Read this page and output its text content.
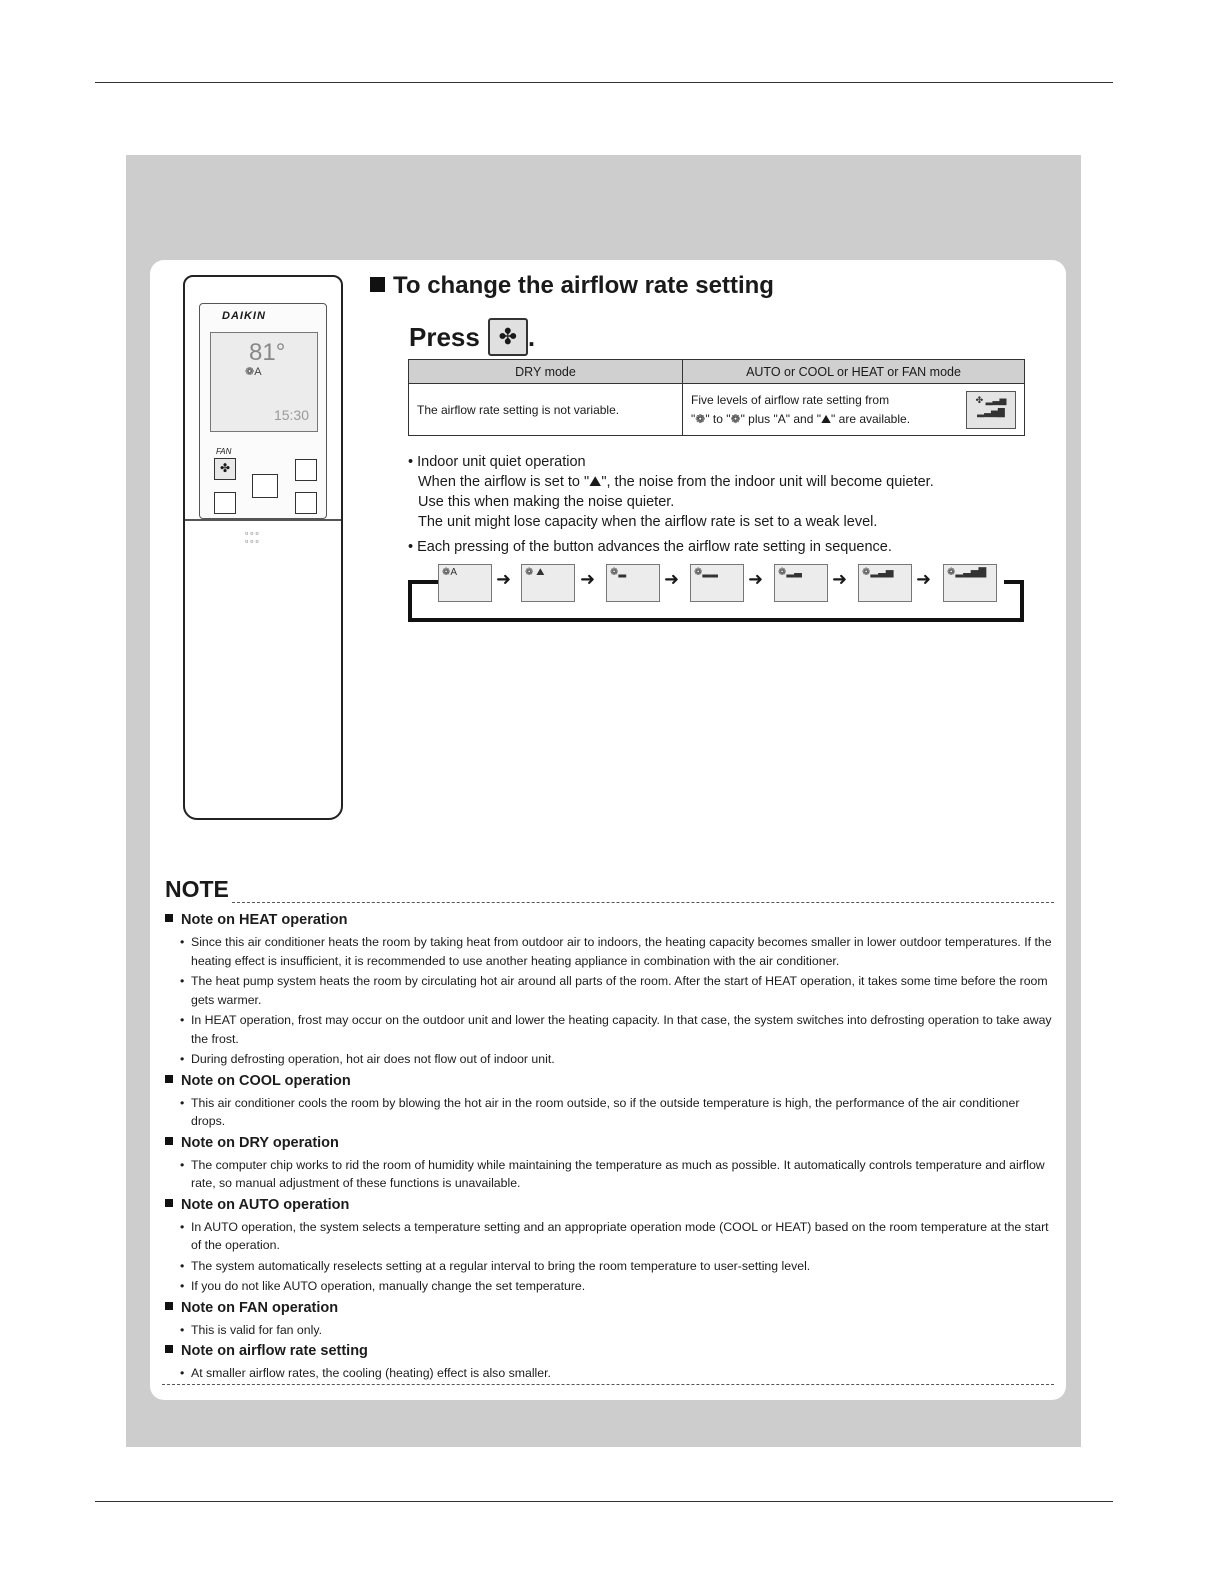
DAIKIN
81°
❁A
15:30
FAN
✤
▫▫▫
▫▫▫
To change the airflow rate setting
Press ✤ .
DRY mode	AUTO or COOL or HEAT or FAN mode
The airflow rate setting is not variable.	Five levels of airflow rate setting from
"❁" to "❁" plus "A" and "⛰" are available.
✤ ▂▃▅
▂▃▅▇

• Indoor unit quiet operation

When the airflow is set to "⛰", the noise from the indoor unit will become quieter.

Use this when making the noise quieter.

The unit might lose capacity when the airflow rate is set to a weak level.

• Each pressing of the button advances the airflow rate setting in sequence.

❁A	➜	❁ ⛰	➜	❁▂	➜	❁▂▂	➜	❁▂▃	➜	❁▂▃▅	➜	❁▂▃▅▇
NOTE
Note on HEAT operation
• Since this air conditioner heats the room by taking heat from outdoor air to indoors, the heating capacity becomes smaller in lower outdoor temperatures. If the heating effect is insufficient, it is recommended to use another heating appliance in combination with the air conditioner.
• The heat pump system heats the room by circulating hot air around all parts of the room. After the start of HEAT operation, it takes some time before the room gets warmer.
• In HEAT operation, frost may occur on the outdoor unit and lower the heating capacity. In that case, the system switches into defrosting operation to take away the frost.
• During defrosting operation, hot air does not flow out of indoor unit.
Note on COOL operation
• This air conditioner cools the room by blowing the hot air in the room outside, so if the outside temperature is high, the performance of the air conditioner drops.
Note on DRY operation
• The computer chip works to rid the room of humidity while maintaining the temperature as much as possible. It automatically controls temperature and airflow rate, so manual adjustment of these functions is unavailable.
Note on AUTO operation
• In AUTO operation, the system selects a temperature setting and an appropriate operation mode (COOL or HEAT) based on the room temperature at the start of the operation.
• The system automatically reselects setting at a regular interval to bring the room temperature to user-setting level.
• If you do not like AUTO operation, manually change the set temperature.
Note on FAN operation
• This is valid for fan only.
Note on airflow rate setting
• At smaller airflow rates, the cooling (heating) effect is also smaller.
